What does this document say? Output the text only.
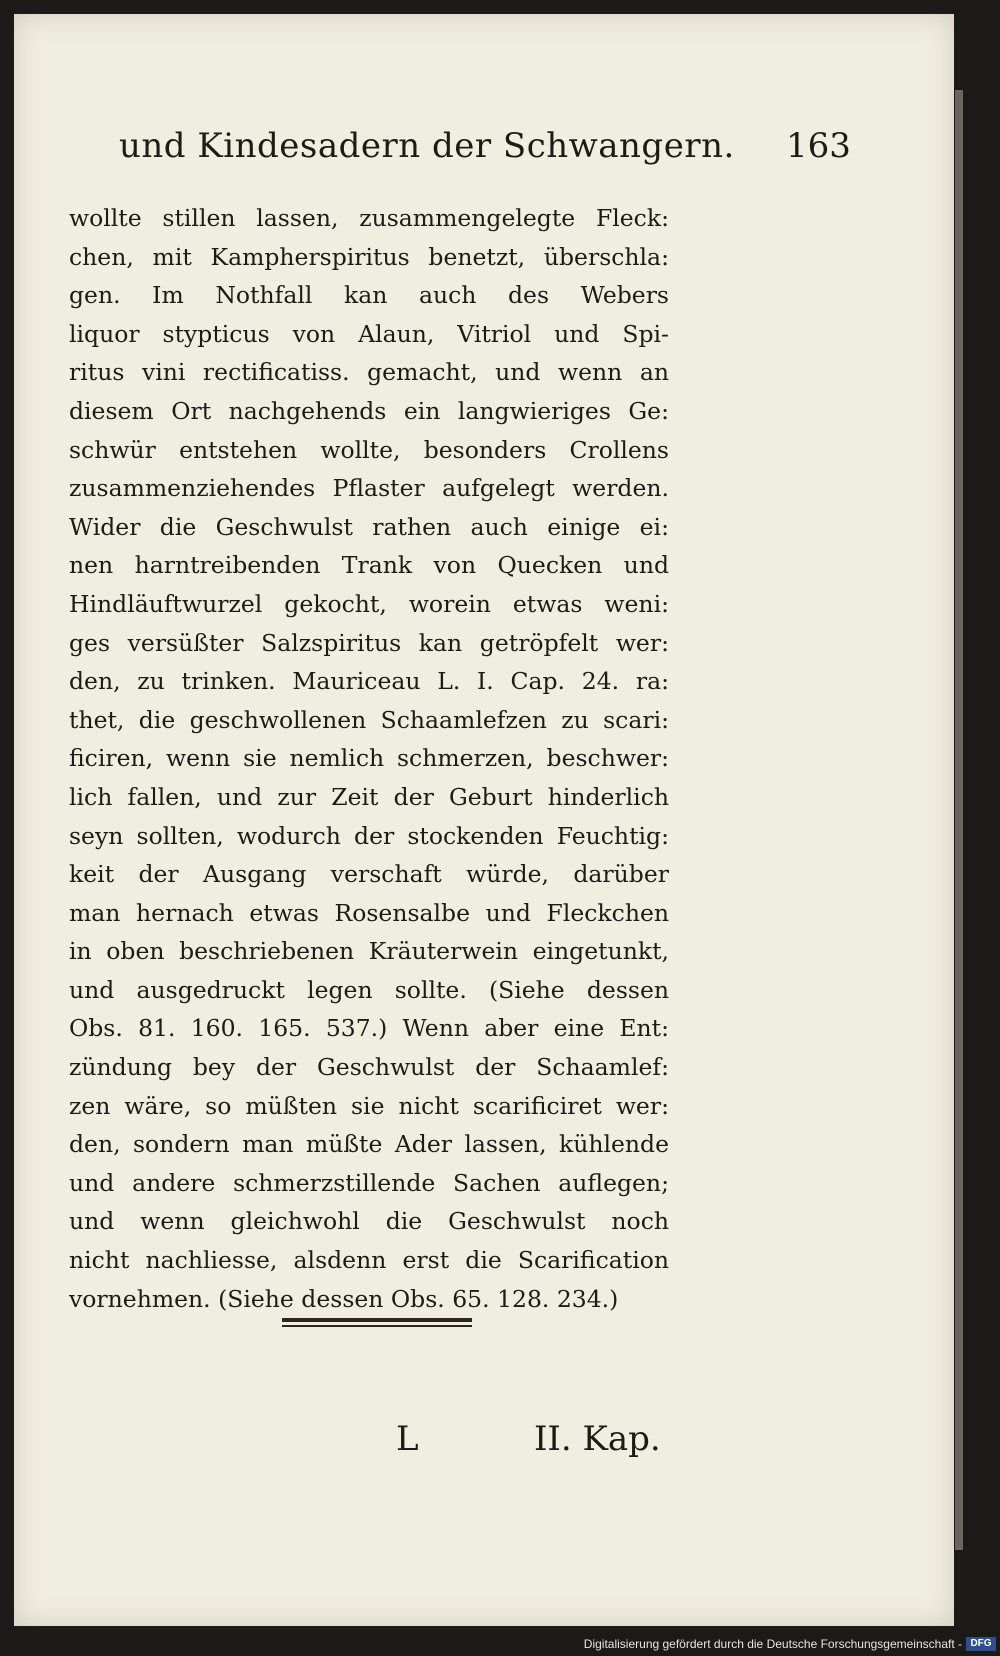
und Kindesadern der Schwangern. 163
wollte stillen lassen, zusammengelegte Fleck:
chen, mit Kampherspiritus benetzt, überschla:
gen. Im Nothfall kan auch des Webers
liquor stypticus von Alaun, Vitriol und Spi-
ritus vini rectificatiss. gemacht, und wenn an
diesem Ort nachgehends ein langwieriges Ge:
schwür entstehen wollte, besonders Crollens
zusammenziehendes Pflaster aufgelegt werden.
Wider die Geschwulst rathen auch einige ei:
nen harntreibenden Trank von Quecken und
Hindläuftwurzel gekocht, worein etwas weni:
ges versüßter Salzspiritus kan getröpfelt wer:
den, zu trinken. Mauriceau L. I. Cap. 24. ra:
thet, die geschwollenen Schaamlefzen zu scari:
ficiren, wenn sie nemlich schmerzen, beschwer:
lich fallen, und zur Zeit der Geburt hinderlich
seyn sollten, wodurch der stockenden Feuchtig:
keit der Ausgang verschaft würde, darüber
man hernach etwas Rosensalbe und Fleckchen
in oben beschriebenen Kräuterwein eingetunkt,
und ausgedruckt legen sollte. (Siehe dessen
Obs. 81. 160. 165. 537.) Wenn aber eine Ent:
zündung bey der Geschwulst der Schaamlef:
zen wäre, so müßten sie nicht scarificiret wer:
den, sondern man müßte Ader lassen, kühlende
und andere schmerzstillende Sachen auflegen;
und wenn gleichwohl die Geschwulst noch
nicht nachliesse, alsdenn erst die Scarification
vornehmen. (Siehe dessen Obs. 65. 128. 234.)
L	II. Kap.
Digitalisierung gefördert durch die Deutsche Forschungsgemeinschaft - DFG
